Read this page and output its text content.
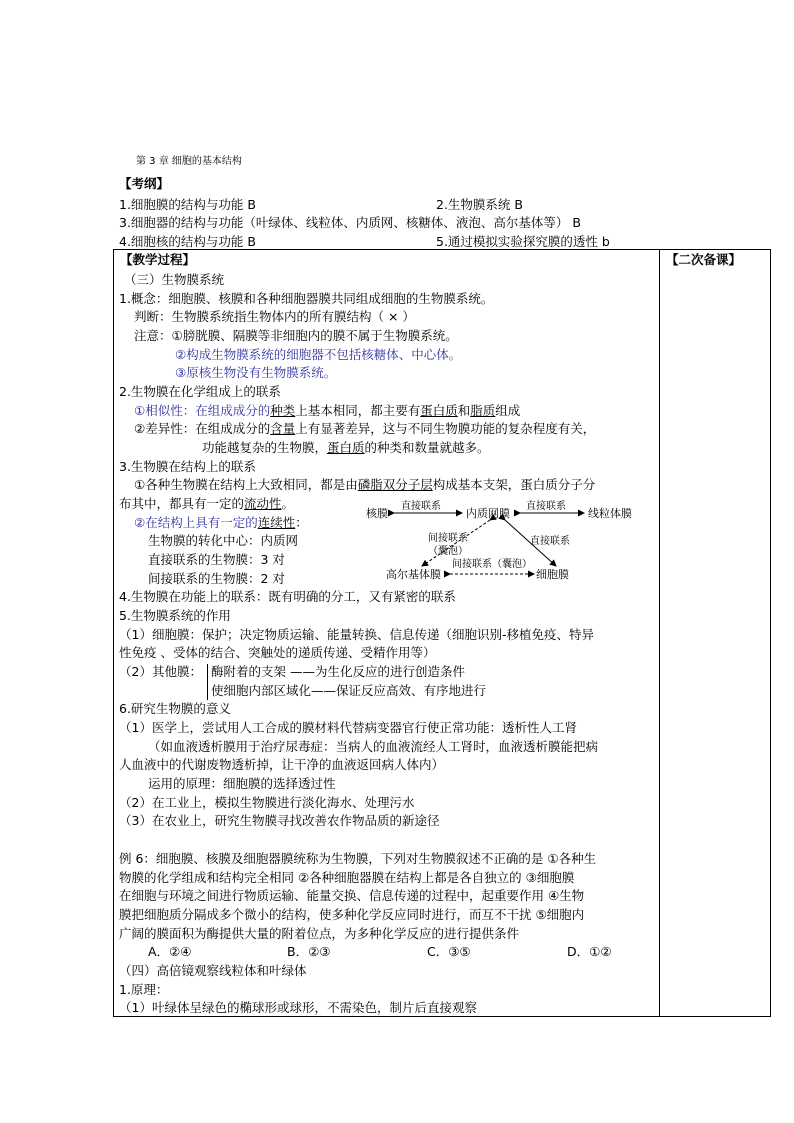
第 3 章 细胞的基本结构
【考纲】
1.细胞膜的结构与功能 B	2.生物膜系统 B
3.细胞器的结构与功能（叶绿体、线粒体、内质网、核糖体、液泡、高尔基体等） B
4.细胞核的结构与功能 B	5.通过模拟实验探究膜的透性 b
【教学过程】	【二次备课】
（三）生物膜系统
1.概念：细胞膜、核膜和各种细胞器膜共同组成细胞的生物膜系统。
判断：生物膜系统指生物体内的所有膜结构（ × ）
注意：①膀胱膜、隔膜等非细胞内的膜不属于生物膜系统。
②构成生物膜系统的细胞器不包括核糖体、中心体。
③原核生物没有生物膜系统。
2.生物膜在化学组成上的联系
①相似性：在组成成分的种类上基本相同，都主要有蛋白质和脂质组成
②差异性：在组成成分的含量上有显著差异，这与不同生物膜功能的复杂程度有关，
功能越复杂的生物膜，蛋白质的种类和数量就越多。
3.生物膜在结构上的联系
①各种生物膜在结构上大致相同，都是由磷脂双分子层构成基本支架，蛋白质分子分
布其中，都具有一定的流动性。
②在结构上具有一定的连续性：
生物膜的转化中心：内质网
直接联系的生物膜：3 对
间接联系的生物膜：2 对
核膜	内质网膜	线粒体膜
高尔基体膜	细胞膜
直接联系	直接联系
直接联系
间接联系
（囊泡）
间接联系（囊泡）
4.生物膜在功能上的联系：既有明确的分工，又有紧密的联系
5.生物膜系统的作用
（1）细胞膜：保护；决定物质运输、能量转换、信息传递（细胞识别-移植免疫、特异
性免疫 、受体的结合、突触处的递质传递、受精作用等）
（2）其他膜： 酶附着的支架 ——为生化反应的进行创造条件
使细胞内部区域化——保证反应高效、有序地进行
6.研究生物膜的意义
（1）医学上，尝试用人工合成的膜材料代替病变器官行使正常功能：透析性人工肾
（如血液透析膜用于治疗尿毒症：当病人的血液流经人工肾时，血液透析膜能把病
人血液中的代谢废物透析掉，让干净的血液返回病人体内）
运用的原理：细胞膜的选择透过性
（2）在工业上，模拟生物膜进行淡化海水、处理污水
（3）在农业上，研究生物膜寻找改善农作物品质的新途径
例 6：细胞膜、核膜及细胞器膜统称为生物膜，下列对生物膜叙述不正确的是 ①各种生
物膜的化学组成和结构完全相同 ②各种细胞器膜在结构上都是各自独立的 ③细胞膜
在细胞与环境之间进行物质运输、能量交换、信息传递的过程中，起重要作用 ④生物
膜把细胞质分隔成多个微小的结构，使多种化学反应同时进行，而互不干扰 ⑤细胞内
广阔的膜面积为酶提供大量的附着位点，为多种化学反应的进行提供条件
A．②④	B．②③	C．③⑤	D．①②
（四）高倍镜观察线粒体和叶绿体
1.原理：
（1）叶绿体呈绿色的椭球形或球形，不需染色，制片后直接观察
